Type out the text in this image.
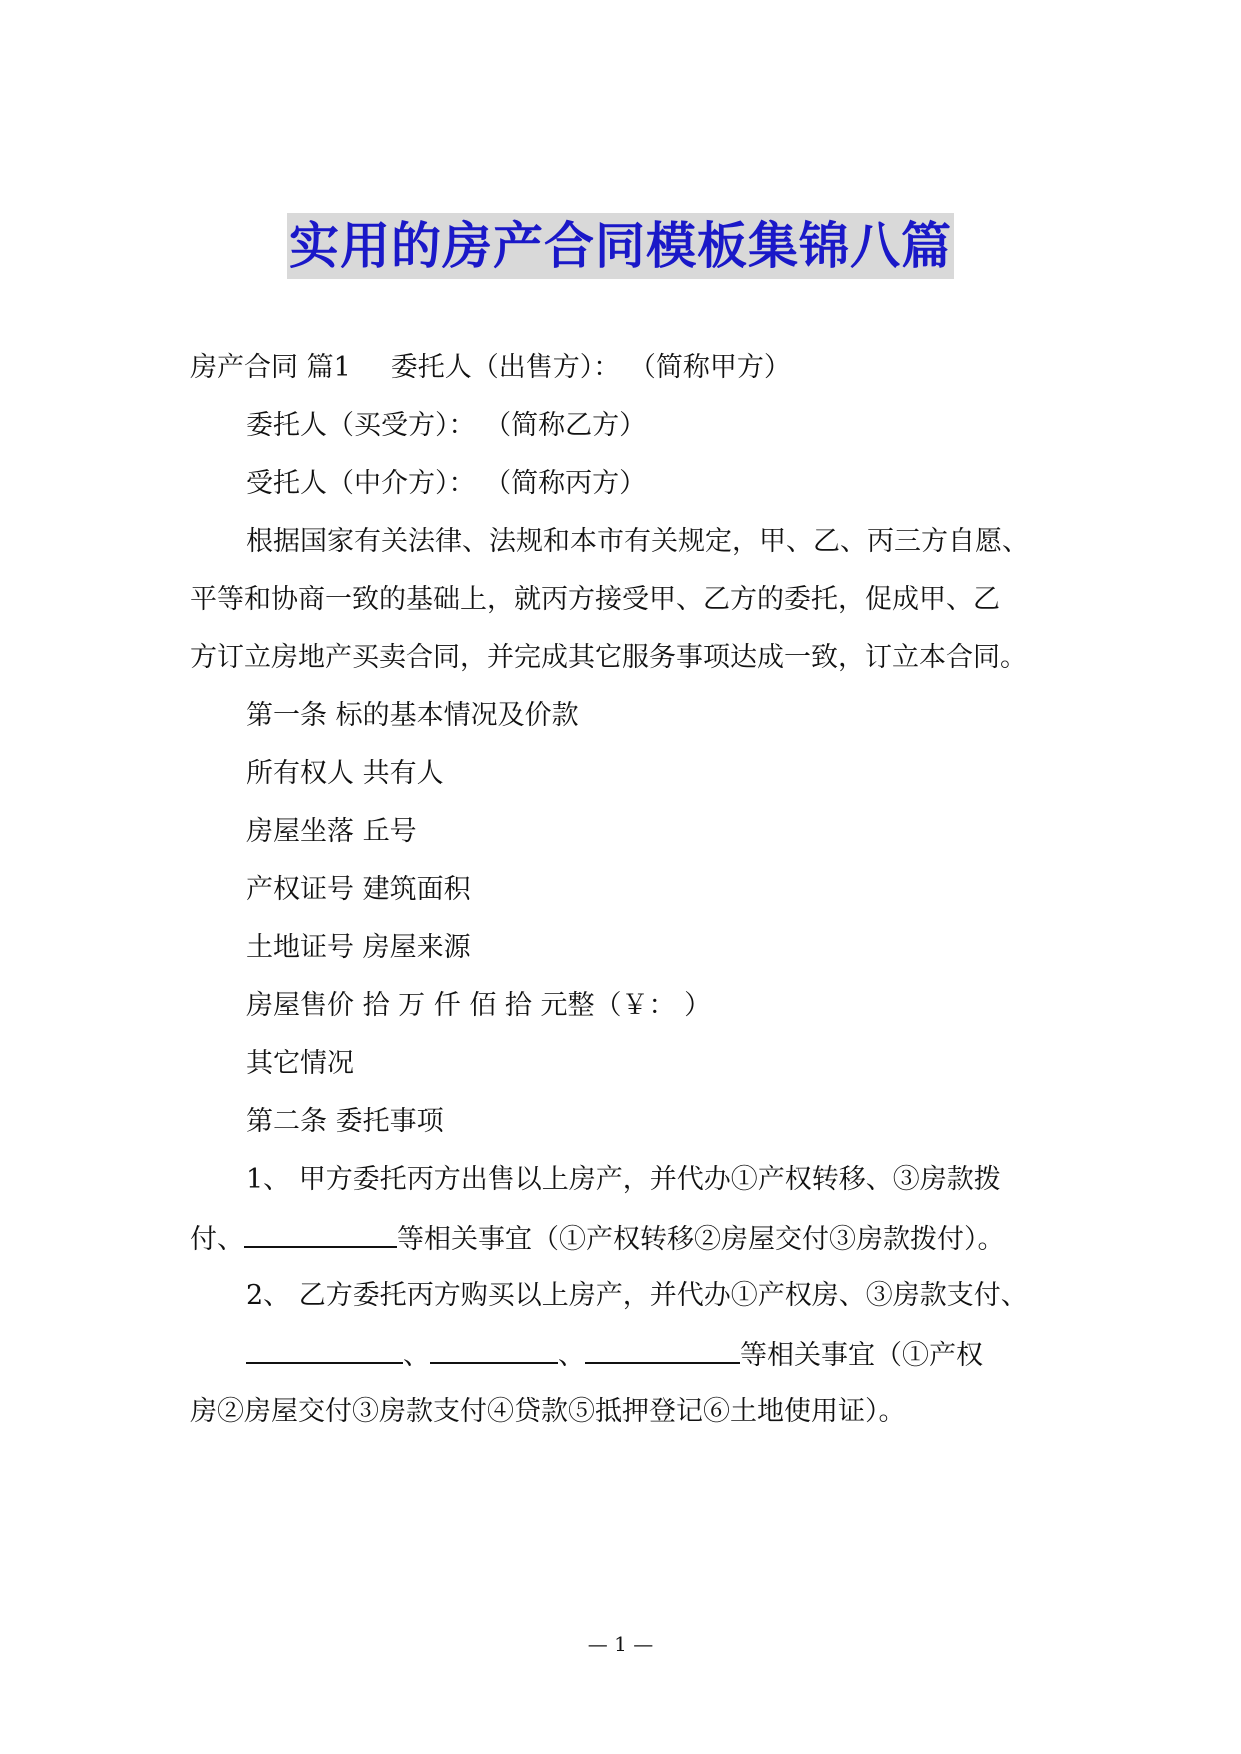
实用的房产合同模板集锦八篇
房产合同 篇1 委托人（出售方）： （简称甲方）
委托人（买受方）： （简称乙方）
受托人（中介方）： （简称丙方）
根据国家有关法律、法规和本市有关规定，甲、乙、丙三方自愿、
平等和协商一致的基础上，就丙方接受甲、乙方的委托，促成甲、乙
方订立房地产买卖合同，并完成其它服务事项达成一致，订立本合同。
第一条 标的基本情况及价款
所有权人 共有人
房屋坐落 丘号
产权证号 建筑面积
土地证号 房屋来源
房屋售价 拾 万 仟 佰 拾 元整（￥： ）
其它情况
第二条 委托事项
1、 甲方委托丙方出售以上房产，并代办①产权转移、③房款拨
付、	等相关事宜（①产权转移②房屋交付③房款拨付）。
2、 乙方委托丙方购买以上房产，并代办①产权房、③房款支付、
、	、	等相关事宜（①产权
房②房屋交付③房款支付④贷款⑤抵押登记⑥土地使用证）。
— 1 —
